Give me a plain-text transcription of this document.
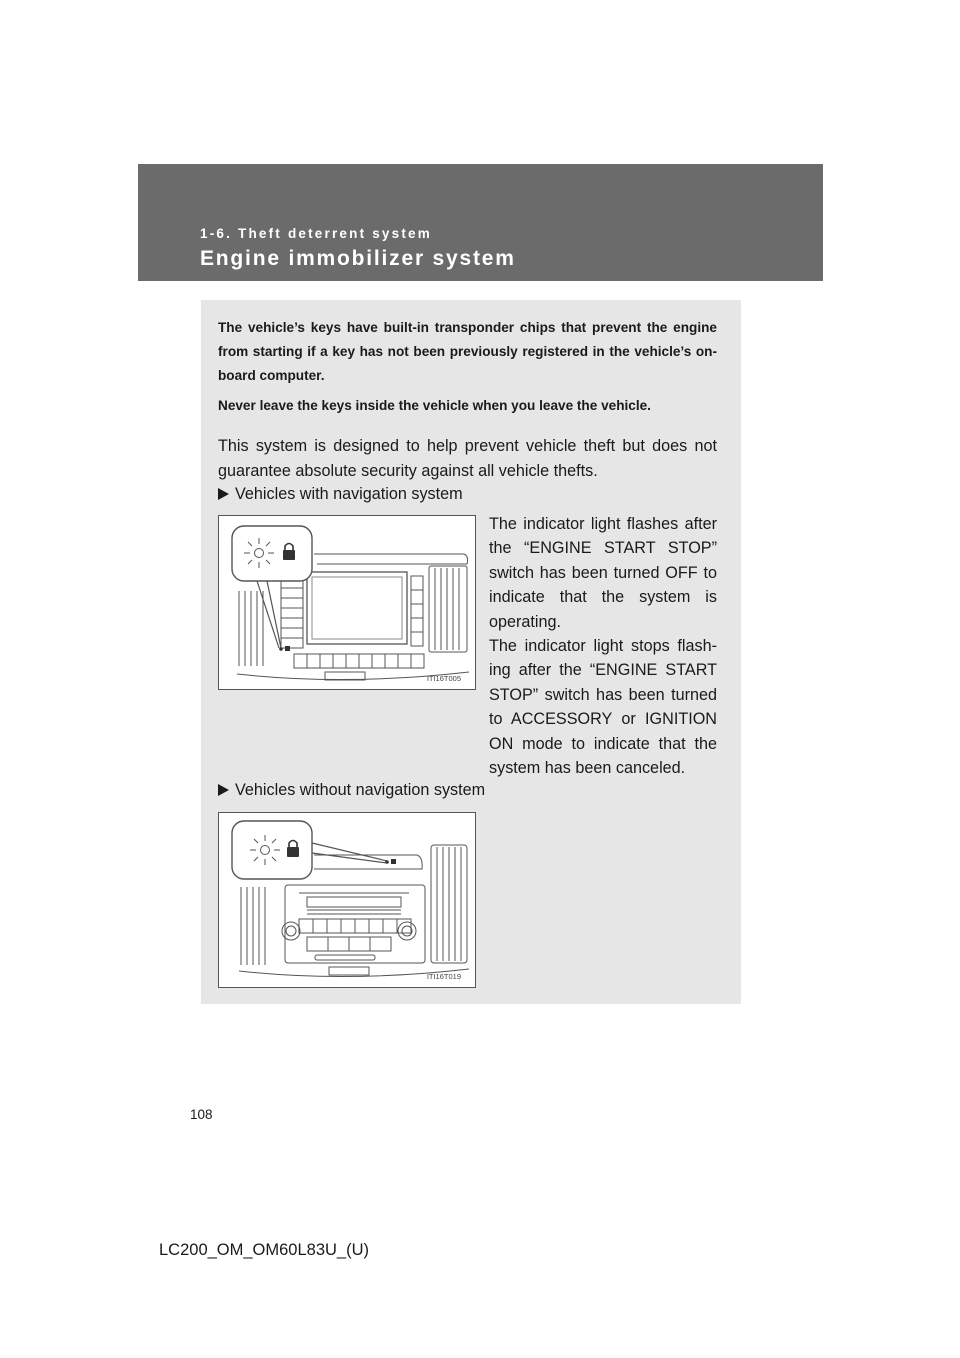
1-6. Theft deterrent system
Engine immobilizer system

The vehicle’s keys have built-in transponder chips that prevent the engine from starting if a key has not been previously registered in the vehicle’s on-board computer.

Never leave the keys inside the vehicle when you leave the vehicle.

This system is designed to help prevent vehicle theft but does not guarantee absolute security against all vehicle thefts.

Vehicles with navigation system
ITI16T005

The indicator light flashes after the “ENGINE START STOP” switch has been turned OFF to indicate that the system is operating.

The indicator light stops flash-ing after the “ENGINE START STOP” switch has been turned to ACCESSORY or IGNITION ON mode to indicate that the system has been canceled.

Vehicles without navigation system
ITI16T019
108
LC200_OM_OM60L83U_(U)
